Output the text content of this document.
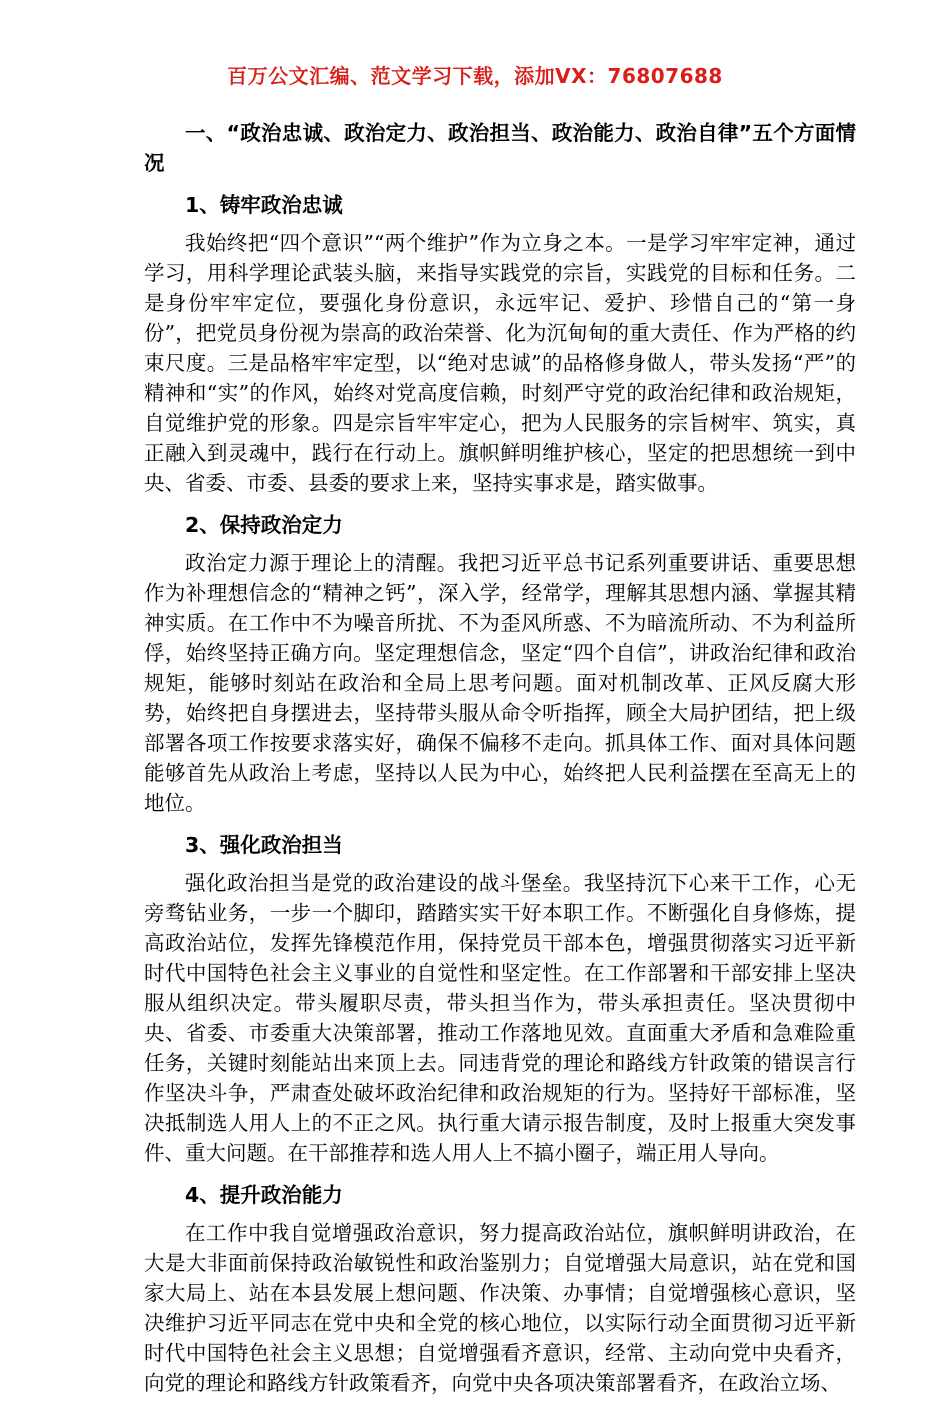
百万公文汇编、范文学习下载，添加VX：76807688

一、“政治忠诚、政治定力、政治担当、政治能力、政治自律”五个方面情况

1、铸牢政治忠诚

我始终把“四个意识”“两个维护”作为立身之本。一是学习牢牢定神，通过学习，用科学理论武装头脑，来指导实践党的宗旨，实践党的目标和任务。二是身份牢牢定位，要强化身份意识，永远牢记、爱护、珍惜自己的“第一身份”，把党员身份视为崇高的政治荣誉、化为沉甸甸的重大责任、作为严格的约束尺度。三是品格牢牢定型，以“绝对忠诚”的品格修身做人，带头发扬“严”的精神和“实”的作风，始终对党高度信赖，时刻严守党的政治纪律和政治规矩，自觉维护党的形象。四是宗旨牢牢定心，把为人民服务的宗旨树牢、筑实，真正融入到灵魂中，践行在行动上。旗帜鲜明维护核心，坚定的把思想统一到中央、省委、市委、县委的要求上来，坚持实事求是，踏实做事。

2、保持政治定力

政治定力源于理论上的清醒。我把习近平总书记系列重要讲话、重要思想作为补理想信念的“精神之钙”，深入学，经常学，理解其思想内涵、掌握其精神实质。在工作中不为噪音所扰、不为歪风所惑、不为暗流所动、不为利益所俘，始终坚持正确方向。坚定理想信念，坚定“四个自信”，讲政治纪律和政治规矩，能够时刻站在政治和全局上思考问题。面对机制改革、正风反腐大形势，始终把自身摆进去，坚持带头服从命令听指挥，顾全大局护团结，把上级部署各项工作按要求落实好，确保不偏移不走向。抓具体工作、面对具体问题能够首先从政治上考虑，坚持以人民为中心，始终把人民利益摆在至高无上的地位。

3、强化政治担当

强化政治担当是党的政治建设的战斗堡垒。我坚持沉下心来干工作，心无旁骛钻业务，一步一个脚印，踏踏实实干好本职工作。不断强化自身修炼，提高政治站位，发挥先锋模范作用，保持党员干部本色，增强贯彻落实习近平新时代中国特色社会主义事业的自觉性和坚定性。在工作部署和干部安排上坚决服从组织决定。带头履职尽责，带头担当作为，带头承担责任。坚决贯彻中央、省委、市委重大决策部署，推动工作落地见效。直面重大矛盾和急难险重任务，关键时刻能站出来顶上去。同违背党的理论和路线方针政策的错误言行作坚决斗争，严肃查处破坏政治纪律和政治规矩的行为。坚持好干部标准，坚决抵制选人用人上的不正之风。执行重大请示报告制度，及时上报重大突发事件、重大问题。在干部推荐和选人用人上不搞小圈子，端正用人导向。

4、提升政治能力

在工作中我自觉增强政治意识，努力提高政治站位，旗帜鲜明讲政治，在大是大非面前保持政治敏锐性和政治鉴别力；自觉增强大局意识，站在党和国家大局上、站在本县发展上想问题、作决策、办事情；自觉增强核心意识，坚决维护习近平同志在党中央和全党的核心地位，以实际行动全面贯彻习近平新时代中国特色社会主义思想；自觉增强看齐意识，经常、主动向党中央看齐，向党的理论和路线方针政策看齐，向党中央各项决策部署看齐，在政治立场、
